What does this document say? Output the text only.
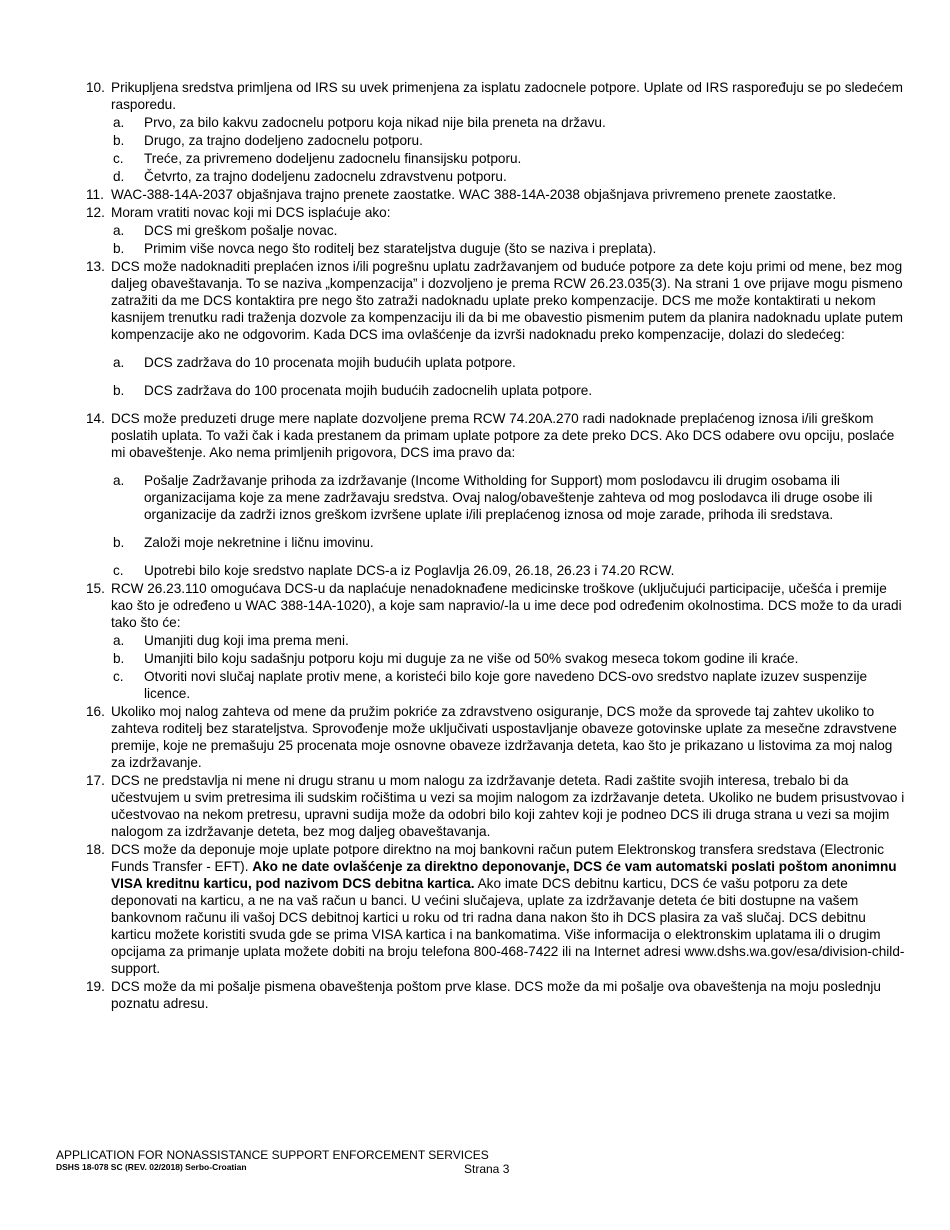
10. Prikupljena sredstva primljena od IRS su uvek primenjena za isplatu zadocnele potpore. Uplate od IRS raspoređuju se po sledećem rasporedu.
a. Prvo, za bilo kakvu zadocnelu potporu koja nikad nije bila preneta na državu.
b. Drugo, za trajno dodeljeno zadocnelu potporu.
c. Treće, za privremeno dodeljenu zadocnelu finansijsku potporu.
d. Četvrto, za trajno dodeljenu zadocnelu zdravstvenu potporu.
11. WAC-388-14A-2037 objašnjava trajno prenete zaostatke. WAC 388-14A-2038 objašnjava privremeno prenete zaostatke.
12. Moram vratiti novac koji mi DCS isplaćuje ako:
a. DCS mi greškom pošalje novac.
b. Primim više novca nego što roditelj bez starateljstva duguje (što se naziva i preplata).
13. DCS može nadoknaditi preplaćen iznos i/ili pogrešnu uplatu zadržavanjem od buduće potpore za dete koju primi od mene, bez mog daljeg obaveštavanja. To se naziva „kompenzacija” i dozvoljeno je prema RCW 26.23.035(3). Na strani 1 ove prijave mogu pismeno zatražiti da me DCS kontaktira pre nego što zatraži nadoknadu uplate preko kompenzacije. DCS me može kontaktirati u nekom kasnijem trenutku radi traženja dozvole za kompenzaciju ili da bi me obavestio pismenim putem da planira nadoknadu uplate putem kompenzacije ako ne odgovorim. Kada DCS ima ovlašćenje da izvrši nadoknadu preko kompenzacije, dolazi do sledećeg:
a. DCS zadržava do 10 procenata mojih budućih uplata potpore.
b. DCS zadržava do 100 procenata mojih budućih zadocnelih uplata potpore.
14. DCS može preduzeti druge mere naplate dozvoljene prema RCW 74.20A.270 radi nadoknade preplaćenog iznosa i/ili greškom poslatih uplata. To važi čak i kada prestanem da primam uplate potpore za dete preko DCS. Ako DCS odabere ovu opciju, poslaće mi obaveštenje. Ako nema primljenih prigovora, DCS ima pravo da:
a. Pošalje Zadržavanje prihoda za izdržavanje (Income Witholding for Support) mom poslodavcu ili drugim osobama ili organizacijama koje za mene zadržavaju sredstva. Ovaj nalog/obaveštenje zahteva od mog poslodavca ili druge osobe ili organizacije da zadrži iznos greškom izvršene uplate i/ili preplaćenog iznosa od moje zarade, prihoda ili sredstava.
b. Založi moje nekretnine i ličnu imovinu.
c. Upotrebi bilo koje sredstvo naplate DCS-a iz Poglavlja 26.09, 26.18, 26.23 i 74.20 RCW.
15. RCW 26.23.110 omogućava DCS-u da naplaćuje nenadoknađene medicinske troškove (uključujući participacije, učešća i premije kao što je određeno u WAC 388-14A-1020), a koje sam napravio/-la u ime dece pod određenim okolnostima. DCS može to da uradi tako što će:
a. Umanjiti dug koji ima prema meni.
b. Umanjiti bilo koju sadašnju potporu koju mi duguje za ne više od 50% svakog meseca tokom godine ili kraće.
c. Otvoriti novi slučaj naplate protiv mene, a koristeći bilo koje gore navedeno DCS-ovo sredstvo naplate izuzev suspenzije licence.
16. Ukoliko moj nalog zahteva od mene da pružim pokriće za zdravstveno osiguranje, DCS može da sprovede taj zahtev ukoliko to zahteva roditelj bez starateljstva. Sprovođenje može uključivati uspostavljanje obaveze gotovinske uplate za mesečne zdravstvene premije, koje ne premašuju 25 procenata moje osnovne obaveze izdržavanja deteta, kao što je prikazano u listovima za moj nalog za izdržavanje.
17. DCS ne predstavlja ni mene ni drugu stranu u mom nalogu za izdržavanje deteta. Radi zaštite svojih interesa, trebalo bi da učestvujem u svim pretresima ili sudskim ročištima u vezi sa mojim nalogom za izdržavanje deteta. Ukoliko ne budem prisustvovao i učestvovao na nekom pretresu, upravni sudija može da odobri bilo koji zahtev koji je podneo DCS ili druga strana u vezi sa mojim nalogom za izdržavanje deteta, bez mog daljeg obaveštavanja.
18. DCS može da deponuje moje uplate potpore direktno na moj bankovni račun putem Elektronskog transfera sredstava (Electronic Funds Transfer - EFT). Ako ne date ovlašćenje za direktno deponovanje, DCS će vam automatski poslati poštom anonimnu VISA kreditnu karticu, pod nazivom DCS debitna kartica. Ako imate DCS debitnu karticu, DCS će vašu potporu za dete deponovati na karticu, a ne na vaš račun u banci. U većini slučajeva, uplate za izdržavanje deteta će biti dostupne na vašem bankovnom računu ili vašoj DCS debitnoj kartici u roku od tri radna dana nakon što ih DCS plasira za vaš slučaj. DCS debitnu karticu možete koristiti svuda gde se prima VISA kartica i na bankomatima. Više informacija o elektronskim uplatama ili o drugim opcijama za primanje uplata možete dobiti na broju telefona 800-468-7422 ili na Internet adresi www.dshs.wa.gov/esa/division-child-support.
19. DCS može da mi pošalje pismena obaveštenja poštom prve klase. DCS može da mi pošalje ova obaveštenja na moju poslednju poznatu adresu.
APPLICATION FOR NONASSISTANCE SUPPORT ENFORCEMENT SERVICES
DSHS 18-078 SC (REV. 02/2018) Serbo-Croatian	Strana 3
